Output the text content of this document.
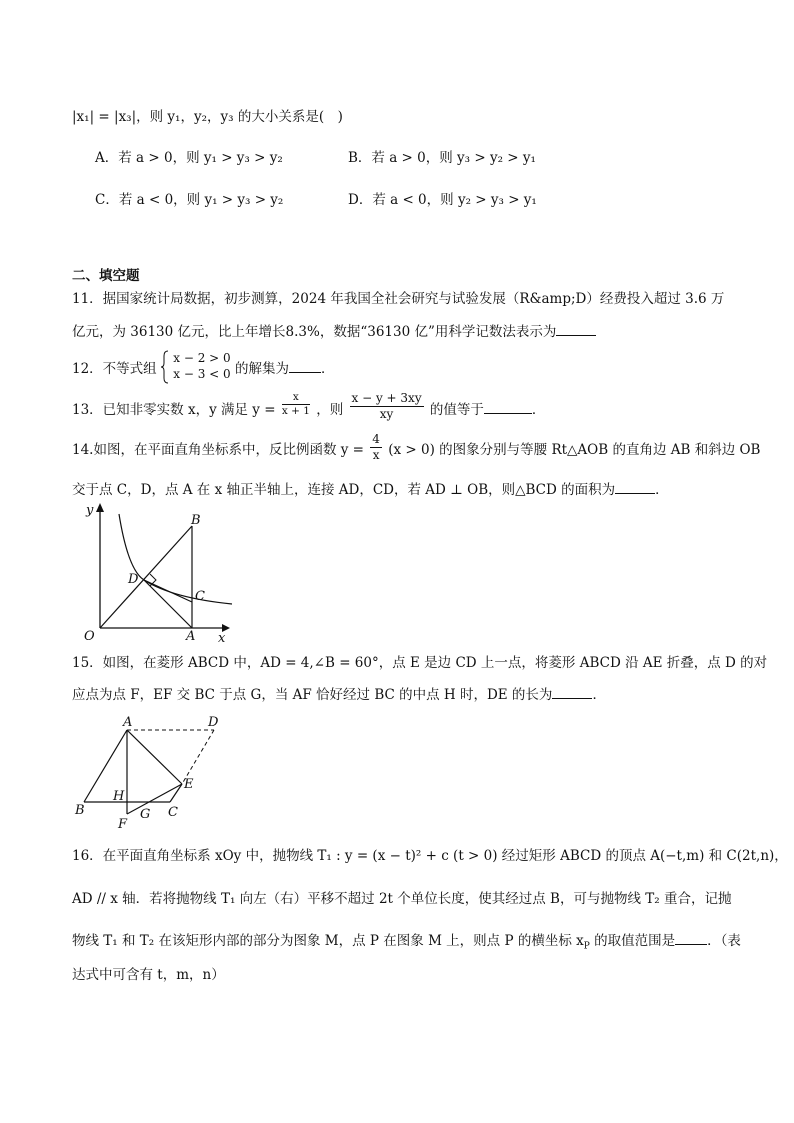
|x₁| = |x₃|，则 y₁，y₂，y₃ 的大小关系是(　)
A．若 a > 0，则 y₁ > y₃ > y₂	B．若 a > 0，则 y₃ > y₂ > y₁
C．若 a < 0，则 y₁ > y₃ > y₂	D．若 a < 0，则 y₂ > y₃ > y₁
二、填空题
11．据国家统计局数据，初步测算，2024 年我国全社会研究与试验发展（R&amp;D）经费投入超过 3.6 万
亿元，为 36130 亿元，比上年增长8.3%，数据“36130 亿”用科学记数法表示为
12．不等式组
x − 2 > 0
x − 3 < 0 的解集为 ．
13．已知非零实数 x，y 满足 $y = \frac{x}{x + 1}$ ，则 $\frac{x - y + 3xy}{xy}$ 的值等于	．
14.如图，在平面直角坐标系中，反比例函数 $y = \frac{4}{x} (x > 0)$ 的图象分别与等腰 Rt△AOB 的直角边 AB 和斜边 OB
交于点 C，D，点 A 在 x 轴正半轴上，连接 AD，CD，若 AD ⊥ OB，则△BCD 的面积为	．
y
x
O	A
B
C
D
15．如图，在菱形 ABCD 中，AD = 4,∠B = 60°，点 E 是边 CD 上一点，将菱形 ABCD 沿 AE 折叠，点 D 的对
应点为点 F，EF 交 BC 于点 G，当 AF 恰好经过 BC 的中点 H 时，DE 的长为	．
A	D
E
B
H
C
F
G
16．在平面直角坐标系 xOy 中，抛物线 T₁ : y = (x − t)² + c (t > 0) 经过矩形 ABCD 的顶点 A(−t,m) 和 C(2t,n)，
AD // x 轴．若将抛物线 T₁ 向左（右）平移不超过 2t 个单位长度，使其经过点 B，可与抛物线 T₂ 重合，记抛
物线 T₁ 和 T₂ 在该矩形内部的部分为图象 M，点 P 在图象 M 上，则点 P 的横坐标 $x_P$ 的取值范围是 ．（表
达式中可含有 t，m，n）
